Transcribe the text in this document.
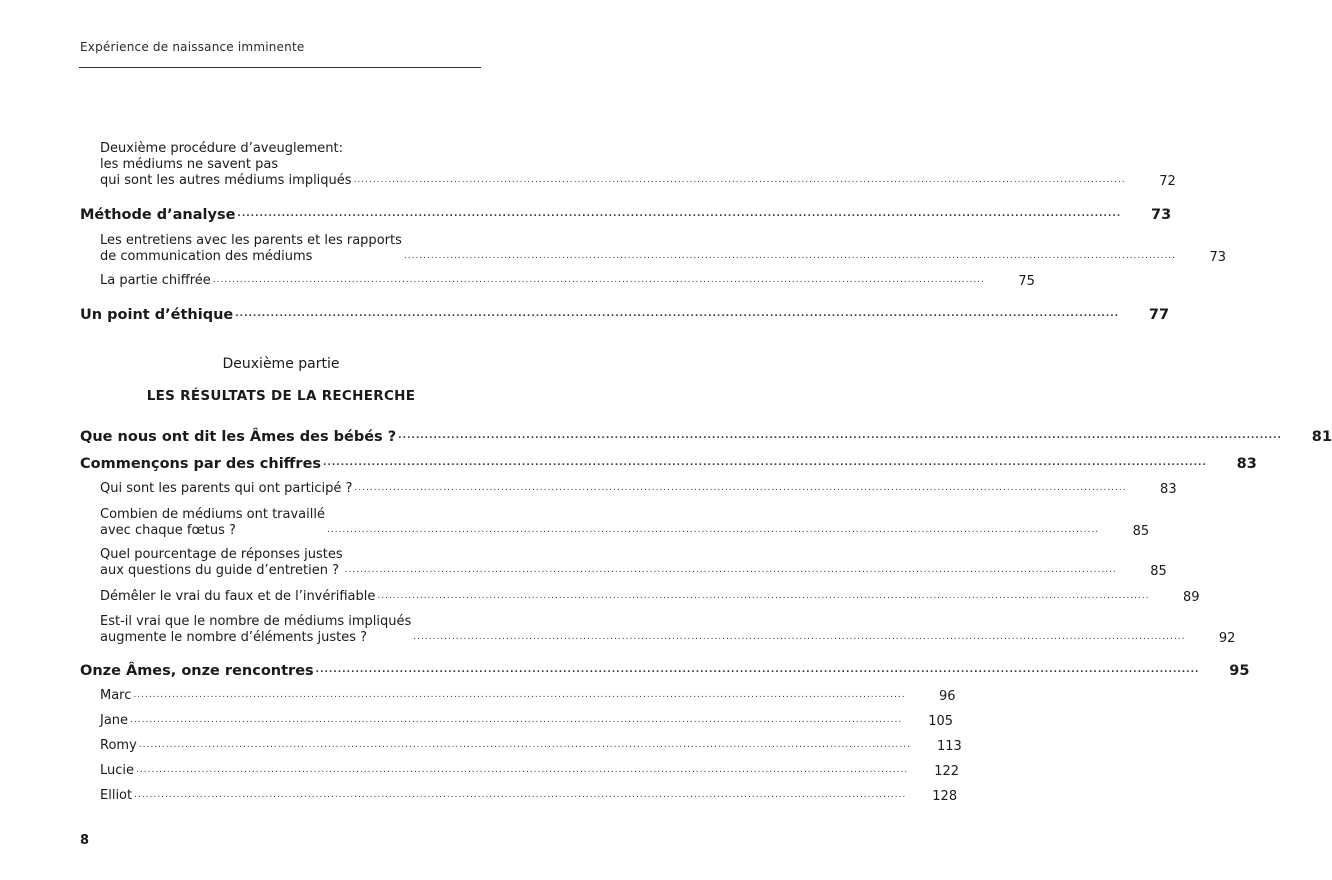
Expérience de naissance imminente
Deuxième partie
LES RÉSULTATS DE LA RECHERCHE
8
Deuxième procédure d’aveuglement:
les médiums ne savent pas
qui sont les autres médiums impliqués ........................................................................................................................................................................................................	72
Méthode d’analyse ........................................................................................................................................................................................................ 73
Les entretiens avec les parents et les rapports
de communication des médiums	........................................................................................................................................................................................................	73
La partie chiffrée ........................................................................................................................................................................................................	75
Un point d’éthique ........................................................................................................................................................................................................ 77
Que nous ont dit les Âmes des bébés ? ........................................................................................................................................................................................................ 81
Commençons par des chiffres ........................................................................................................................................................................................................ 83
Qui sont les parents qui ont participé ? ........................................................................................................................................................................................................	83
Combien de médiums ont travaillé
avec chaque fœtus ?	........................................................................................................................................................................................................	85
Quel pourcentage de réponses justes
aux questions du guide d’entretien ? ........................................................................................................................................................................................................	85
Démêler le vrai du faux et de l’invérifiable ........................................................................................................................................................................................................	89
Est-il vrai que le nombre de médiums impliqués
augmente le nombre d’éléments justes ?	........................................................................................................................................................................................................	92
Onze Âmes, onze rencontres ........................................................................................................................................................................................................ 95
Marc ........................................................................................................................................................................................................	96
Jane ........................................................................................................................................................................................................ 105
Romy ........................................................................................................................................................................................................ 113
Lucie ........................................................................................................................................................................................................ 122
Elliot ........................................................................................................................................................................................................ 128
